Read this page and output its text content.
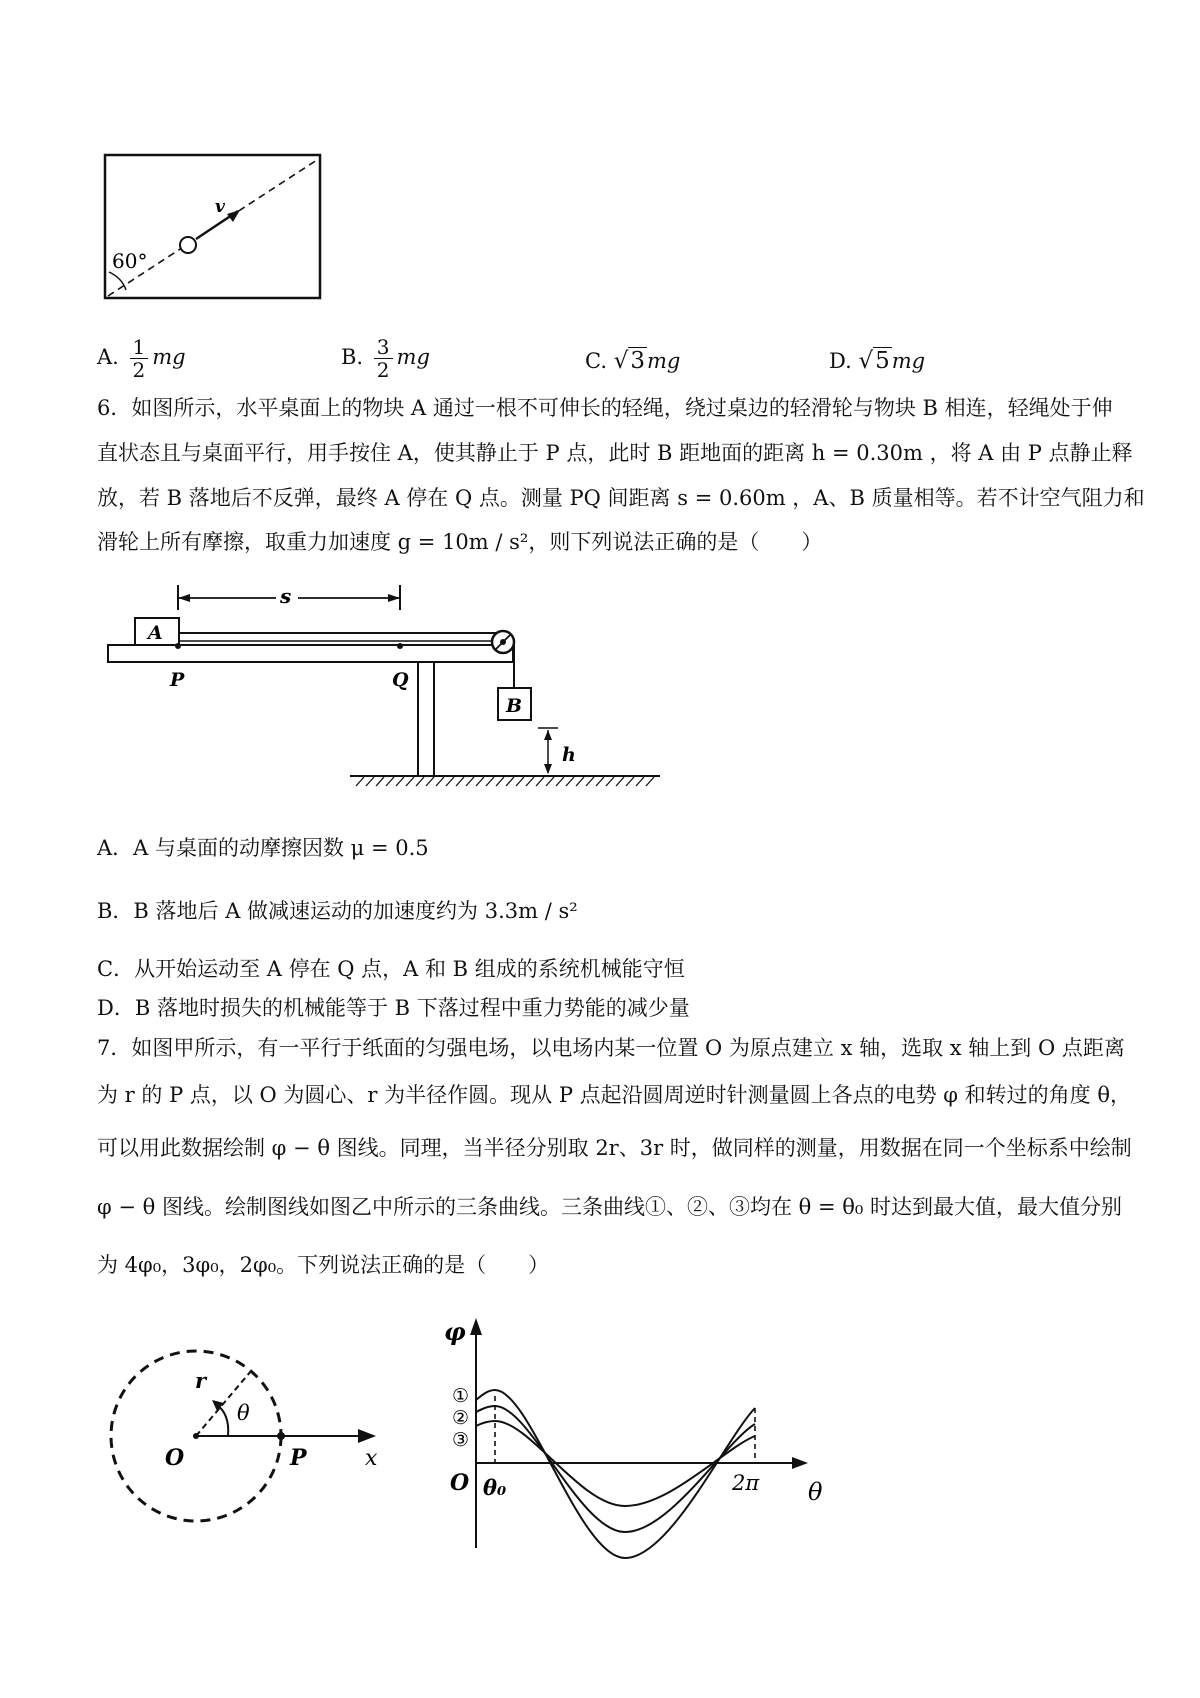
v
60°
A. $\frac{1}{2}$ mg	B. $\frac{3}{2}$ mg	C. √3mg	D. √5mg
6．如图所示，水平桌面上的物块 A 通过一根不可伸长的轻绳，绕过桌边的轻滑轮与物块 B 相连，轻绳处于伸
直状态且与桌面平行，用手按住 A，使其静止于 P 点，此时 B 距地面的距离 h = 0.30m ，将 A 由 P 点静止释
放，若 B 落地后不反弹，最终 A 停在 Q 点。测量 PQ 间距离 s = 0.60m ，A、B 质量相等。若不计空气阻力和
滑轮上所有摩擦，取重力加速度 g = 10m / s²，则下列说法正确的是（　　）
s
A
P	Q
B
h
A．A 与桌面的动摩擦因数 μ = 0.5
B．B 落地后 A 做减速运动的加速度约为 3.3m / s²
C．从开始运动至 A 停在 Q 点，A 和 B 组成的系统机械能守恒
D．B 落地时损失的机械能等于 B 下落过程中重力势能的减少量
7．如图甲所示，有一平行于纸面的匀强电场，以电场内某一位置 O 为原点建立 x 轴，选取 x 轴上到 O 点距离
为 r 的 P 点，以 O 为圆心、r 为半径作圆。现从 P 点起沿圆周逆时针测量圆上各点的电势 φ 和转过的角度 θ，
可以用此数据绘制 φ − θ 图线。同理，当半径分别取 2r、3r 时，做同样的测量，用数据在同一个坐标系中绘制
φ − θ 图线。绘制图线如图乙中所示的三条曲线。三条曲线①、②、③均在 θ = θ₀ 时达到最大值，最大值分别
为 4φ₀，3φ₀，2φ₀。下列说法正确的是（　　）
r
θ
O	P	x
φ
O θ₀	2π θ
①
②
③
